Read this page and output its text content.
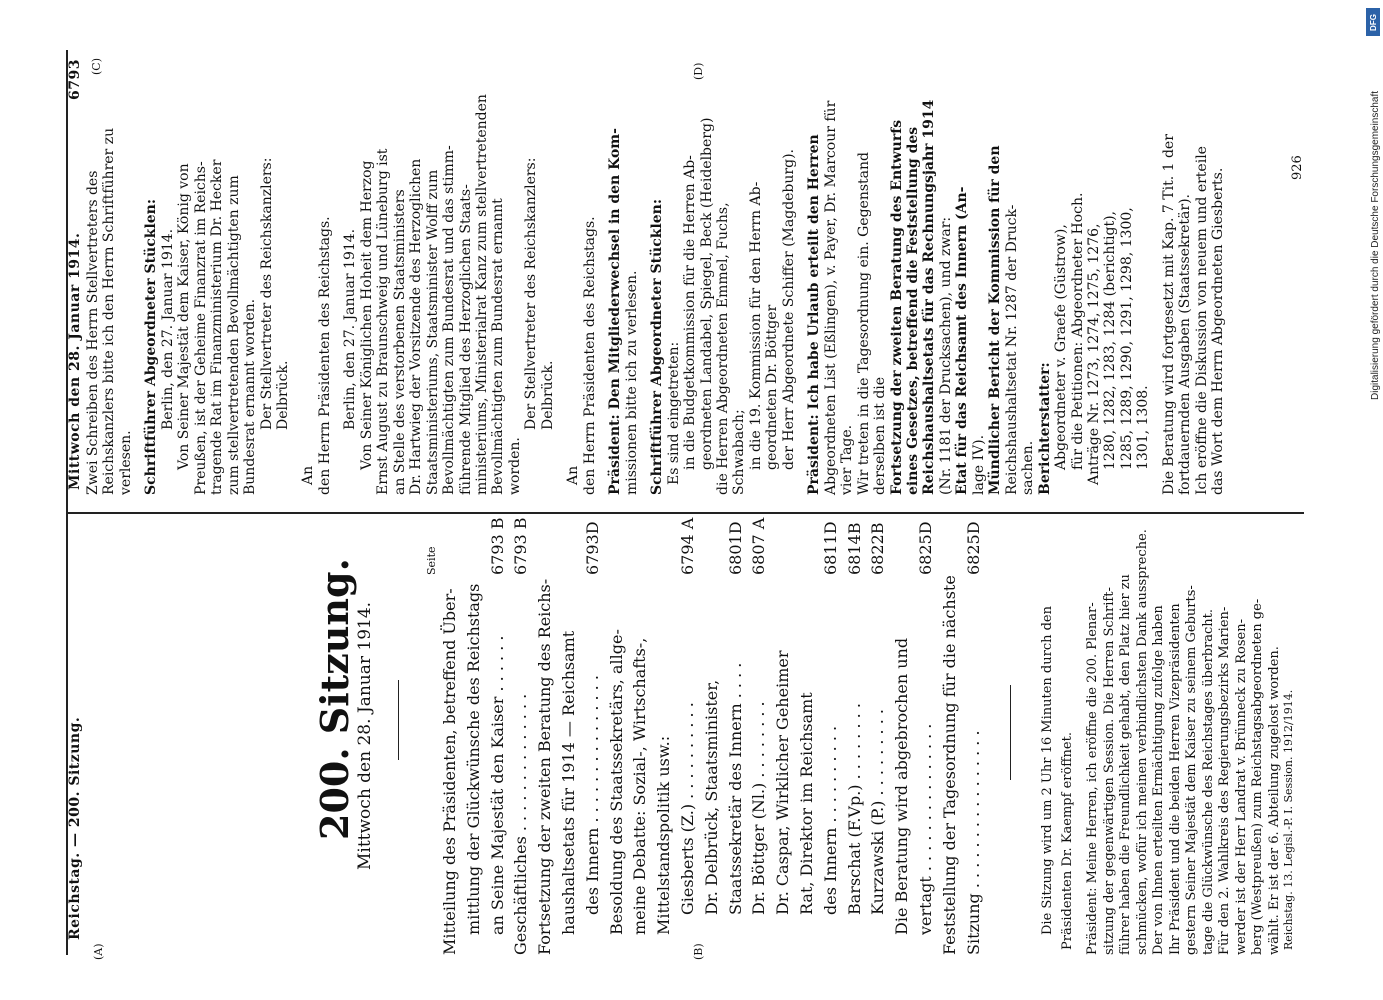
DFG
Digitalisierung gefördert durch die Deutsche Forschungsgemeinschaft
Reichstag. — 200. Sitzung.
Mittwoch den 28. Januar 1914.
6793
(A)	(B)
(C)	(D)
200. Sitzung.
Mittwoch den 28. Januar 1914.
Seite
Mitteilung des Präsidenten, betreffend Über- mittlung der Glückwünsche des Reichstags an Seine Majestät den Kaiser . . . . . .
6793 B
Geschäftliches . . . . . . . . . . . . . .
6793 B
Fortsetzung der zweiten Beratung des Reichs- haushaltsetats für 1914 — Reichsamt des Innern . . . . . . . . . . . . . . .
6793D
Besoldung des Staatssekretärs, allge- meine Debatte: Sozial-, Wirtschafts-, Mittelstandspolitik usw.: Giesberts (Z.) . . . . . . . . . .
6794 A
Dr. Delbrück, Staatsminister, Staatssekretär des Innern . . . .
6801D
Dr. Böttger (Nl.) . . . . . . . .
6807 A
Dr. Caspar, Wirklicher Geheimer Rat, Direktor im Reichsamt des Innern . . . . . . . . . .
6811D
Barschat (F.Vp.) . . . . . . . .
6814B
Kurzawski (P.) . . . . . . . . .
6822B
Die Beratung wird abgebrochen und vertagt . . . . . . . . . . . . . . .
6825D
Feststellung der Tagesordnung für die nächste Sitzung . . . . . . . . . . . . . . . .
6825D
Die Sitzung wird um 2 Uhr 16 Minuten durch den Präsidenten Dr. Kaempf eröffnet. Präsident: Meine Herren, ich eröffne die 200. Plenar- sitzung der gegenwärtigen Session. Die Herren Schrift- führer haben die Freundlichkeit gehabt, den Platz hier zu schmücken, wofür ich meinen verbindlichsten Dank ausspreche. Der von Ihnen erteilten Ermächtigung zufolge haben Ihr Präsident und die beiden Herren Vizepräsidenten gestern Seiner Majestät dem Kaiser zu seinem Geburts- tage die Glückwünsche des Reichstages überbracht. Für den 2. Wahlkreis des Regierungsbezirks Marien- werder ist der Herr Landrat v. Brünneck zu Rosen- berg (Westpreußen) zum Reichstagsabgeordneten ge- wählt. Er ist der 6. Abteilung zugelost worden. Reichstag. 13. Legisl.-P. I. Session. 1912/1914.
Zwei Schreiben des Herrn Stellvertreters des Reichskanzlers bitte ich den Herrn Schriftführer zu verlesen. Schriftführer Abgeordneter Stücklen: Berlin, den 27. Januar 1914. Von Seiner Majestät dem Kaiser, König von Preußen, ist der Geheime Finanzrat im Reichs- tragende Rat im Finanzministerium Dr. Hecker zum stellvertretenden Bevollmächtigten zum Bundesrat ernannt worden. Der Stellvertreter des Reichskanzlers: Delbrück.
An den Herrn Präsidenten des Reichstags. Berlin, den 27. Januar 1914. Von Seiner Königlichen Hoheit dem Herzog Ernst August zu Braunschweig und Lüneburg ist an Stelle des verstorbenen Staatsministers Dr. Hartwieg der Vorsitzende des Herzoglichen Staatsministeriums, Staatsminister Wolff zum Bevollmächtigten zum Bundesrat und das stimm- führende Mitglied des Herzoglichen Staats- ministeriums, Ministerialrat Kanz zum stellvertretenden Bevollmächtigten zum Bundesrat ernannt worden.
Der Stellvertreter des Reichskanzlers: Delbrück.
An den Herrn Präsidenten des Reichstags. Präsident: Den Mitgliederwechsel in den Kom- missionen bitte ich zu verlesen. Schriftführer Abgeordneter Stücklen: Es sind eingetreten: in die Budgetkommission für die Herren Ab- geordneten Landabel, Spiegel, Beck (Heidelberg) die Herren Abgeordneten Emmel, Fuchs, Schwabach; in die 19. Kommission für den Herrn Ab- geordneten Dr. Böttger der Herr Abgeordnete Schiffer (Magdeburg). Präsident: Ich habe Urlaub erteilt den Herren Abgeordneten List (Eßlingen), v. Payer, Dr. Marcour für vier Tage. Wir treten in die Tagesordnung ein. Gegenstand derselben ist die Fortsetzung der zweiten Beratung des Entwurfs eines Gesetzes, betreffend die Feststellung des Reichshaushaltsetats für das Rechnungsjahr 1914 (Nr. 1181 der Drucksachen), und zwar: Etat für das Reichsamt des Innern (An- lage IV). Mündlicher Bericht der Kommission für den Reichshaushaltsetat Nr. 1287 der Druck- sachen. Berichterstatter: Abgeordneter v. Graefe (Güstrow), für die Petitionen: Abgeordneter Hoch. Anträge Nr. 1273, 1274, 1275, 1276, 1280, 1282, 1283, 1284 (berichtigt), 1285, 1289, 1290, 1291, 1298, 1300, 1301, 1308. Die Beratung wird fortgesetzt mit Kap. 7 Tit. 1 der fortdauernden Ausgaben (Staatssekretär). Ich eröffne die Diskussion von neuem und erteile das Wort dem Herrn Abgeordneten Giesberts.
926
